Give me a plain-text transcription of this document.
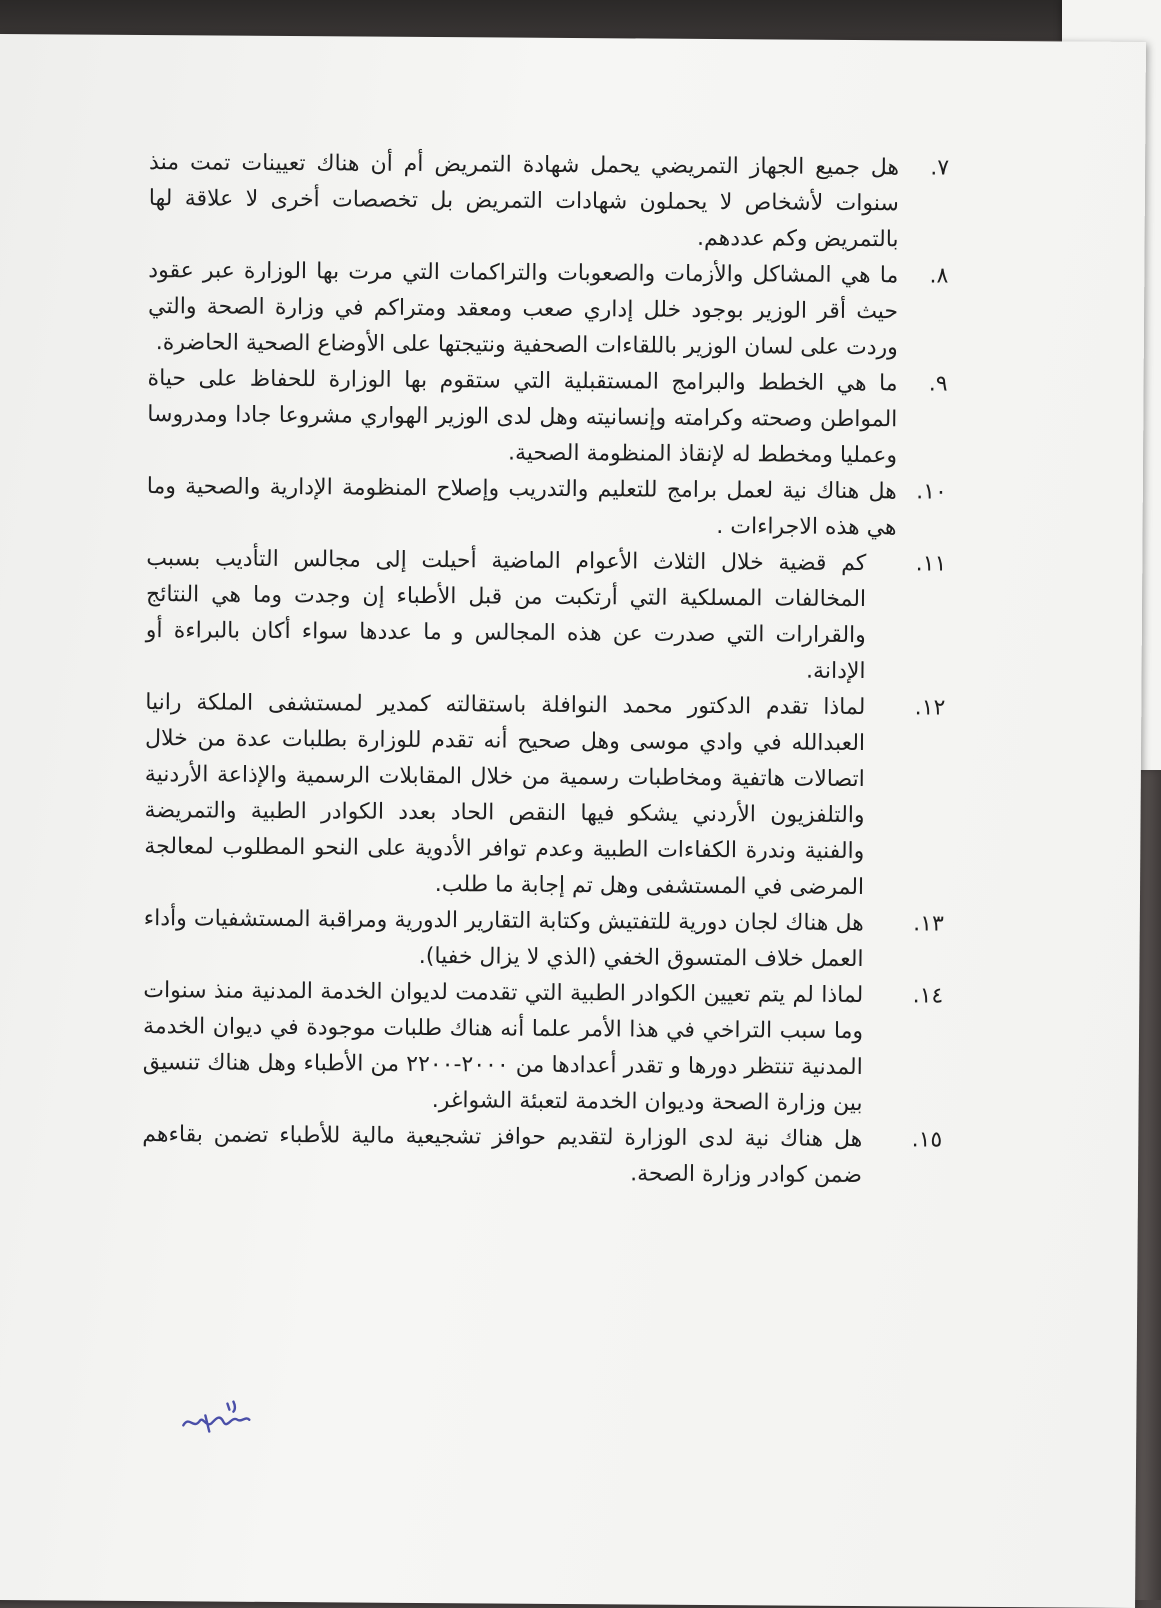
٧.
هل جميع الجهاز التمريضي يحمل شهادة التمريض أم أن هناك تعيينات تمت منذ سنوات لأشخاص لا يحملون شهادات التمريض بل تخصصات أخرى لا علاقة لها بالتمريض وكم عددهم.
٨.
ما هي المشاكل والأزمات والصعوبات والتراكمات التي مرت بها الوزارة عبر عقود حيث أقر الوزير بوجود خلل إداري صعب ومعقد ومتراكم في وزارة الصحة والتي وردت على لسان الوزير باللقاءات الصحفية ونتيجتها على الأوضاع الصحية الحاضرة.
٩.
ما هي الخطط والبرامج المستقبلية التي ستقوم بها الوزارة للحفاظ على حياة المواطن وصحته وكرامته وإنسانيته وهل لدى الوزير الهواري مشروعا جادا ومدروسا وعمليا ومخطط له لإنقاذ المنظومة الصحية.
١٠.
هل هناك نية لعمل برامج للتعليم والتدريب وإصلاح المنظومة الإدارية والصحية وما هي هذه الاجراءات .
١١.
كم قضية خلال الثلاث الأعوام الماضية أحيلت إلى مجالس التأديب بسبب المخالفات المسلكية التي أرتكبت من قبل الأطباء إن وجدت وما هي النتائج والقرارات التي صدرت عن هذه المجالس و ما عددها سواء أكان بالبراءة أو الإدانة.
١٢.
لماذا تقدم الدكتور محمد النوافلة باستقالته كمدير لمستشفى الملكة رانيا العبدالله في وادي موسى وهل صحيح أنه تقدم للوزارة بطلبات عدة من خلال اتصالات هاتفية ومخاطبات رسمية من خلال المقابلات الرسمية والإذاعة الأردنية والتلفزيون الأردني يشكو فيها النقص الحاد بعدد الكوادر الطبية والتمريضة والفنية وندرة الكفاءات الطبية وعدم توافر الأدوية على النحو المطلوب لمعالجة المرضى في المستشفى وهل تم إجابة ما طلب.
١٣.
هل هناك لجان دورية للتفتيش وكتابة التقارير الدورية ومراقبة المستشفيات وأداء العمل خلاف المتسوق الخفي (الذي لا يزال خفيا).
١٤.
لماذا لم يتم تعيين الكوادر الطبية التي تقدمت لديوان الخدمة المدنية منذ سنوات وما سبب التراخي في هذا الأمر علما أنه هناك طلبات موجودة في ديوان الخدمة المدنية تنتظر دورها و تقدر أعدادها من ٢٠٠٠-٢٢٠٠ من الأطباء وهل هناك تنسيق بين وزارة الصحة وديوان الخدمة لتعبئة الشواغر.
١٥.
هل هناك نية لدى الوزارة لتقديم حوافز تشجيعية مالية للأطباء تضمن بقاءهم ضمن كوادر وزارة الصحة.
